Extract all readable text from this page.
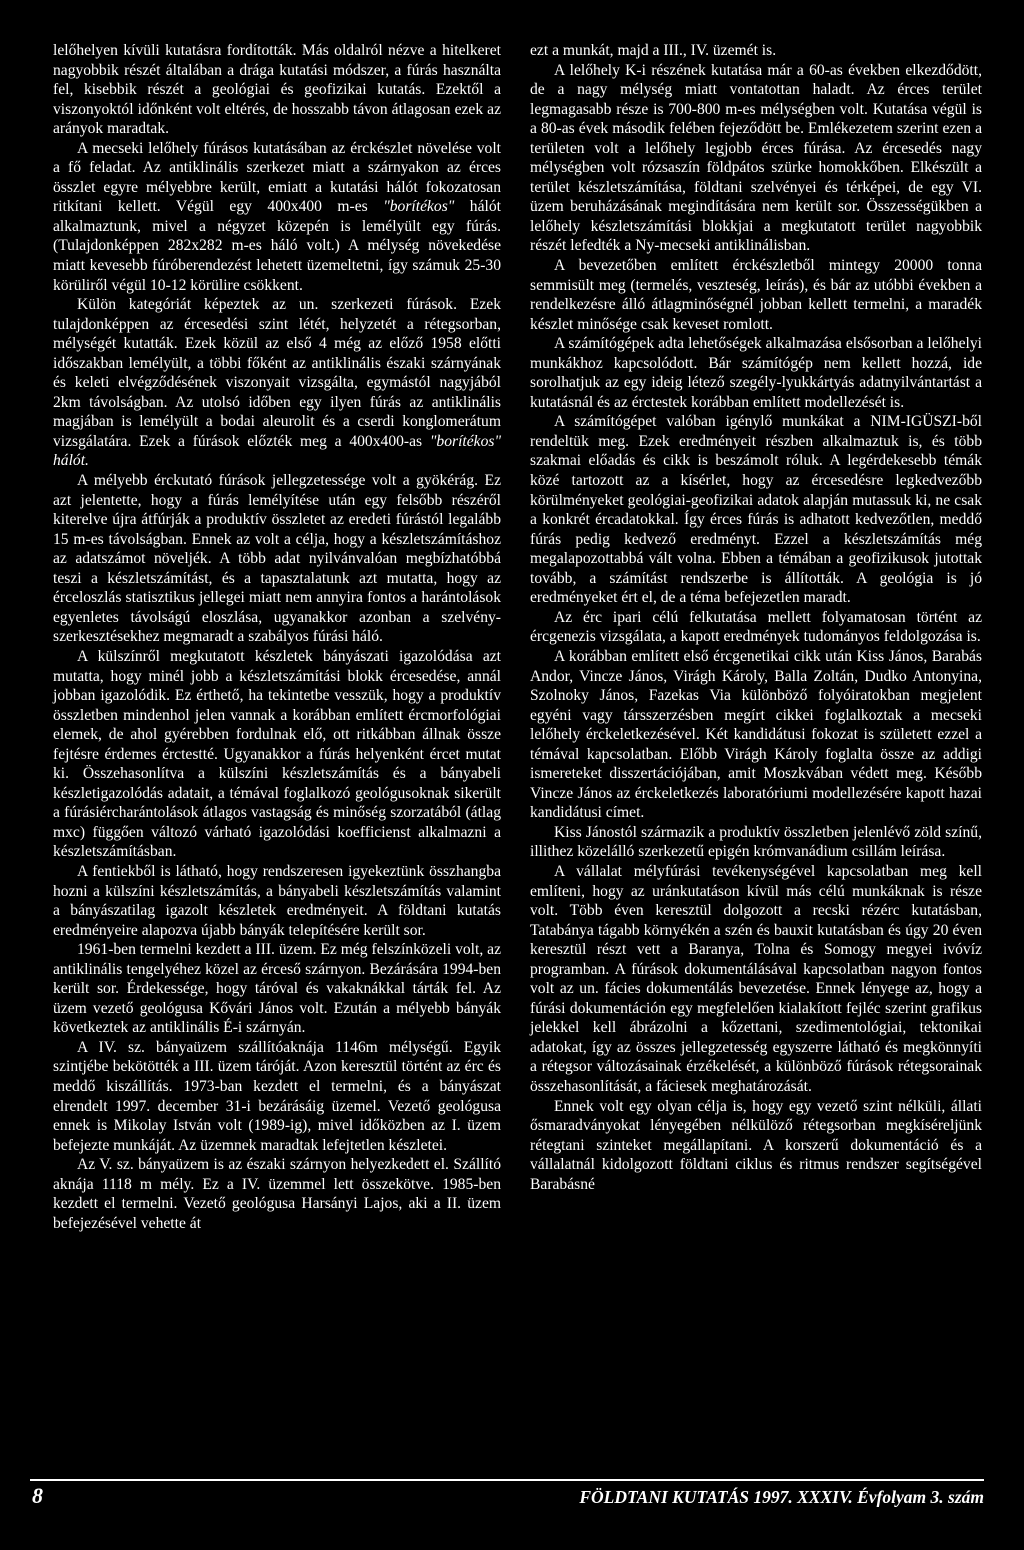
lelőhelyen kívüli kutatásra fordították. Más oldalról nézve a hitelkeret nagyobbik részét általában a drága kutatási módszer, a fúrás használta fel, kisebbik részét a geológiai és geofizikai kutatás. Ezektől a viszonyoktól időnként volt eltérés, de hosszabb távon átlagosan ezek az arányok maradtak.

A mecseki lelőhely fúrásos kutatásában az érckészlet növelése volt a fő feladat. Az antiklinális szerkezet miatt a szárnyakon az érces összlet egyre mélyebbre került, emiatt a kutatási hálót fokozatosan ritkítani kellett. Végül egy 400x400 m-es "borítékos" hálót alkalmaztunk, mivel a négyzet közepén is lemélyült egy fúrás. (Tulajdonképpen 282x282 m-es háló volt.) A mélység növekedése miatt kevesebb fúróberendezést lehetett üzemeltetni, így számuk 25-30 körüliről végül 10-12 körülire csökkent.

Külön kategóriát képeztek az un. szerkezeti fúrások. Ezek tulajdonképpen az ércesedési szint létét, helyzetét a rétegsorban, mélységét kutatták. Ezek közül az első 4 még az előző 1958 előtti időszakban lemélyült, a többi főként az antiklinális északi szárnyának és keleti elvégződésének viszonyait vizsgálta, egymástól nagyjából 2km távolságban. Az utolsó időben egy ilyen fúrás az antiklinális magjában is lemélyült a bodai aleurolit és a cserdi konglomerátum vizsgálatára. Ezek a fúrások előzték meg a 400x400-as "borítékos" hálót.

A mélyebb érckutató fúrások jellegzetessége volt a gyökérág. Ez azt jelentette, hogy a fúrás lemélyítése után egy felsőbb részéről kiterelve újra átfúrják a produktív összletet az eredeti fúrástól legalább 15 m-es távolságban. Ennek az volt a célja, hogy a készletszámításhoz az adatszámot növeljék. A több adat nyilvánvalóan megbízhatóbbá teszi a készletszámítást, és a tapasztalatunk azt mutatta, hogy az érceloszlás statisztikus jellegei miatt nem annyira fontos a harántolások egyenletes távolságú eloszlása, ugyanakkor azonban a szelvény-szerkesztésekhez megmaradt a szabályos fúrási háló.

A külszínről megkutatott készletek bányászati igazolódása azt mutatta, hogy minél jobb a készletszámítási blokk ércesedése, annál jobban igazolódik. Ez érthető, ha tekintetbe vesszük, hogy a produktív összletben mindenhol jelen vannak a korábban említett ércmorfológiai elemek, de ahol gyérebben fordulnak elő, ott ritkábban állnak össze fejtésre érdemes érctestté. Ugyanakkor a fúrás helyenként ércet mutat ki. Összehasonlítva a külszíni készletszámítás és a bányabeli készletigazolódás adatait, a témával foglalkozó geológusoknak sikerült a fúrásiércharántolások átlagos vastagság és minőség szorzatából (átlag mxc) függően változó várható igazolódási koefficienst alkalmazni a készletszámításban.

A fentiekből is látható, hogy rendszeresen igyekeztünk összhangba hozni a külszíni készletszámítás, a bányabeli készletszámítás valamint a bányászatilag igazolt készletek eredményeit. A földtani kutatás eredményeire alapozva újabb bányák telepítésére került sor.

1961-ben termelni kezdett a III. üzem. Ez még felszínközeli volt, az antiklinális tengelyéhez közel az érceső szárnyon. Bezárására 1994-ben került sor. Érdekessége, hogy táróval és vakaknákkal tárták fel. Az üzem vezető geológusa Kővári János volt. Ezután a mélyebb bányák következtek az antiklinális É-i szárnyán.

A IV. sz. bányaüzem szállítóaknája 1146m mélységű. Egyik szintjébe bekötötték a III. üzem táróját. Azon keresztül történt az érc és meddő kiszállítás. 1973-ban kezdett el termelni, és a bányászat elrendelt 1997. december 31-i bezárásáig üzemel. Vezető geológusa ennek is Mikolay István volt (1989-ig), mivel időközben az I. üzem befejezte munkáját. Az üzemnek maradtak lefejtetlen készletei.

Az V. sz. bányaüzem is az északi szárnyon helyezkedett el. Szállító aknája 1118 m mély. Ez a IV. üzemmel lett összekötve. 1985-ben kezdett el termelni. Vezető geológusa Harsányi Lajos, aki a II. üzem befejezésével vehette át

ezt a munkát, majd a III., IV. üzemét is.

A lelőhely K-i részének kutatása már a 60-as években elkezdődött, de a nagy mélység miatt vontatottan haladt. Az érces terület legmagasabb része is 700-800 m-es mélységben volt. Kutatása végül is a 80-as évek második felében fejeződött be. Emlékezetem szerint ezen a területen volt a lelőhely legjobb érces fúrása. Az ércesedés nagy mélységben volt rózsaszín földpátos szürke homokkőben. Elkészült a terület készletszámítása, földtani szelvényei és térképei, de egy VI. üzem beruházásának megindítására nem került sor. Összességükben a lelőhely készletszámítási blokkjai a megkutatott terület nagyobbik részét lefedték a Ny-mecseki antiklinálisban.

A bevezetőben említett érckészletből mintegy 20000 tonna semmisült meg (termelés, veszteség, leírás), és bár az utóbbi években a rendelkezésre álló átlagminőségnél jobban kellett termelni, a maradék készlet minősége csak keveset romlott.

A számítógépek adta lehetőségek alkalmazása elsősorban a lelőhelyi munkákhoz kapcsolódott. Bár számítógép nem kellett hozzá, ide sorolhatjuk az egy ideig létező szegély-lyukkártyás adatnyilvántartást a kutatásnál és az érctestek korábban említett modellezését is.

A számítógépet valóban igénylő munkákat a NIM-IGÜSZI-ből rendeltük meg. Ezek eredményeit részben alkalmaztuk is, és több szakmai előadás és cikk is beszámolt róluk. A legérdekesebb témák közé tartozott az a kísérlet, hogy az ércesedésre legkedvezőbb körülményeket geológiai-geofizikai adatok alapján mutassuk ki, ne csak a konkrét ércadatokkal. Így érces fúrás is adhatott kedvezőtlen, meddő fúrás pedig kedvező eredményt. Ezzel a készletszámítás még megalapozottabbá vált volna. Ebben a témában a geofizikusok jutottak tovább, a számítást rendszerbe is állították. A geológia is jó eredményeket ért el, de a téma befejezetlen maradt.

Az érc ipari célú felkutatása mellett folyamatosan történt az ércgenezis vizsgálata, a kapott eredmények tudományos feldolgozása is.

A korábban említett első ércgenetikai cikk után Kiss János, Barabás Andor, Vincze János, Virágh Károly, Balla Zoltán, Dudko Antonyina, Szolnoky János, Fazekas Via különböző folyóiratokban megjelent egyéni vagy társszerzésben megírt cikkei foglalkoztak a mecseki lelőhely érckeletkezésével. Két kandidátusi fokozat is született ezzel a témával kapcsolatban. Előbb Virágh Károly foglalta össze az addigi ismereteket disszertációjában, amit Moszkvában védett meg. Később Vincze János az érckeletkezés laboratóriumi modellezésére kapott hazai kandidátusi címet.

Kiss Jánostól származik a produktív összletben jelenlévő zöld színű, illithez közelálló szerkezetű epigén krómvanádium csillám leírása.

A vállalat mélyfúrási tevékenységével kapcsolatban meg kell említeni, hogy az uránkutatáson kívül más célú munkáknak is része volt. Több éven keresztül dolgozott a recski rézérc kutatásban, Tatabánya tágabb környékén a szén és bauxit kutatásban és úgy 20 éven keresztül részt vett a Baranya, Tolna és Somogy megyei ivóvíz programban. A fúrások dokumentálásával kapcsolatban nagyon fontos volt az un. fácies dokumentálás bevezetése. Ennek lényege az, hogy a fúrási dokumentáción egy megfelelően kialakított fejléc szerint grafikus jelekkel kell ábrázolni a kőzettani, szedimentológiai, tektonikai adatokat, így az összes jellegzetesség egyszerre látható és megkönnyíti a rétegsor változásainak érzékelését, a különböző fúrások rétegsorainak összehasonlítását, a fáciesek meghatározását.

Ennek volt egy olyan célja is, hogy egy vezető szint nélküli, állati ősmaradványokat lényegében nélkülöző rétegsorban megkíséreljünk rétegtani szinteket megállapítani. A korszerű dokumentáció és a vállalatnál kidolgozott földtani ciklus és ritmus rendszer segítségével Barabásné

8	FÖLDTANI KUTATÁS 1997. XXXIV. Évfolyam 3. szám
